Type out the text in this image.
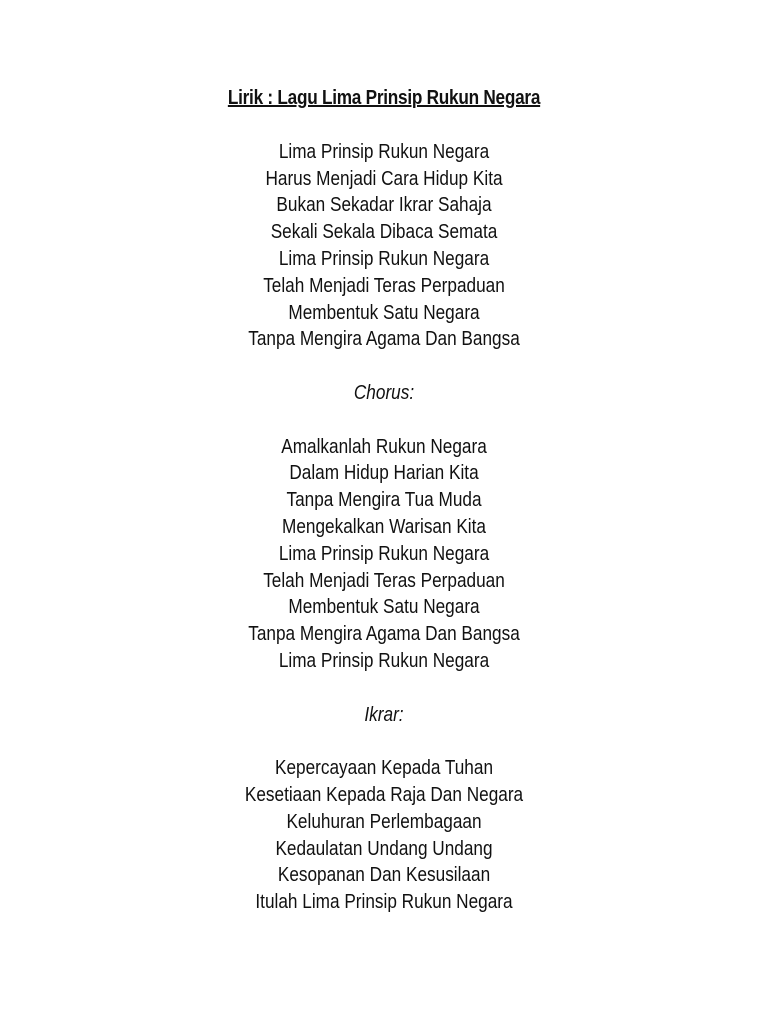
Lirik : Lagu Lima Prinsip Rukun Negara
Lima Prinsip Rukun Negara
Harus Menjadi Cara Hidup Kita
Bukan Sekadar Ikrar Sahaja
Sekali Sekala Dibaca Semata
Lima Prinsip Rukun Negara
Telah Menjadi Teras Perpaduan
Membentuk Satu Negara
Tanpa Mengira Agama Dan Bangsa
Chorus:
Amalkanlah Rukun Negara
Dalam Hidup Harian Kita
Tanpa Mengira Tua Muda
Mengekalkan Warisan Kita
Lima Prinsip Rukun Negara
Telah Menjadi Teras Perpaduan
Membentuk Satu Negara
Tanpa Mengira Agama Dan Bangsa
Lima Prinsip Rukun Negara
Ikrar:
Kepercayaan Kepada Tuhan
Kesetiaan Kepada Raja Dan Negara
Keluhuran Perlembagaan
Kedaulatan Undang Undang
Kesopanan Dan Kesusilaan
Itulah Lima Prinsip Rukun Negara
